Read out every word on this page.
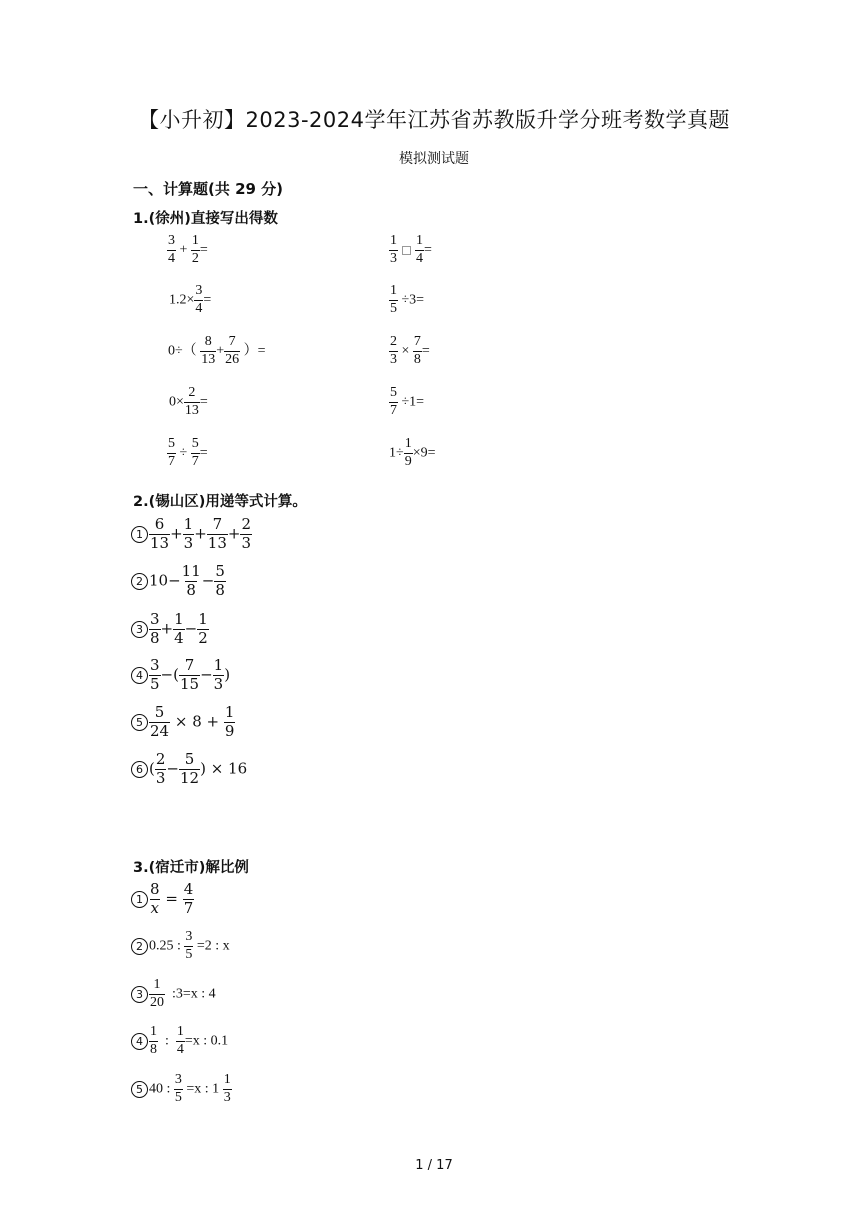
【小升初】2023-2024学年江苏省苏教版升学分班考数学真题
模拟测试题
一、计算题(共 29 分)
1.(徐州)直接写出得数
$\frac{3}{4} + \frac{1}{2}$ =	$\frac{1}{3} \frac{1}{4}$ =
$1.2\times \frac{3}{4}$ =	$\frac{1}{5} \div 3=$
$0\div( \frac{8}{13} + \frac{7}{26}$ ）=	$\frac{2}{3} \times \frac{7}{8}$ =
$0\times \frac{2}{13}$ =	$\frac{5}{7} \div 1=$
$\frac{5}{7} \div \frac{5}{7}$ =	$1\div \frac{1}{9} \times 9=$
2.(锡山区)用递等式计算。
$1 \frac{6}{13} + \frac{1}{3} + \frac{7}{13} + \frac{2}{3}$
2 $10- \frac{11}{8} - \frac{5}{8}$
$3 \frac{3}{8} + \frac{1}{4} - \frac{1}{2}$
$4 \frac{3}{5}$ −( $\frac{7}{15} - \frac{1}{3}$ )
$5 \frac{5}{24} \times 8 + \frac{1}{9}$
6 ( $\frac{2}{3} - \frac{5}{12}$ ) × 16
3.(宿迁市)解比例
$1 \frac{8}{x} = \frac{4}{7}$
2 0.25 : $\frac{3}{5} =2$ : x
$3 \frac{1}{20}$ :3=x : 4
$4 \frac{1}{8}$ : $\frac{1}{4} =x$ : 0.1
5 40 : $\frac{3}{5} =x$ : $1 \frac{1}{3}$
1 / 17
